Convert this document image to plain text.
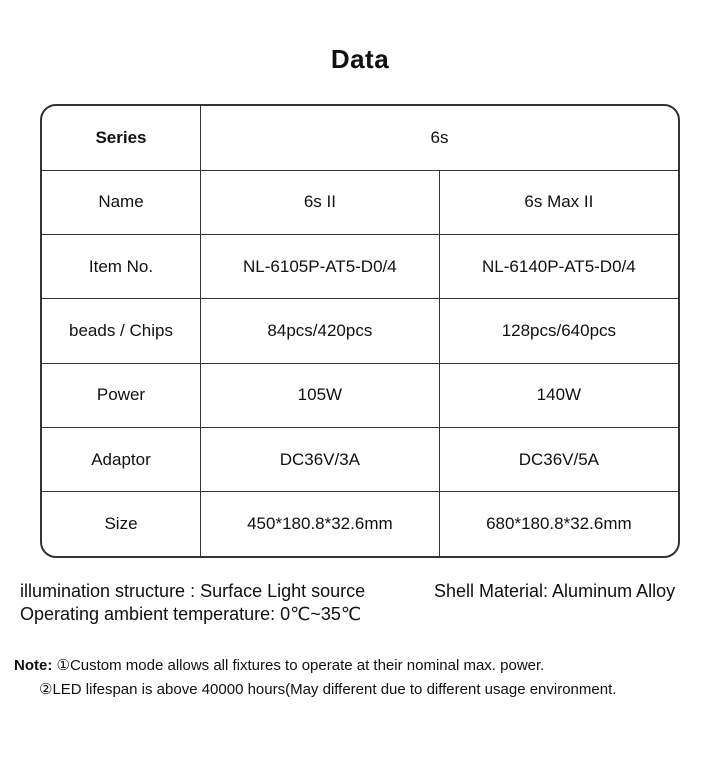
Data
Series	6s	
Name	6s II	6s Max II
Item No.	NL-6105P-AT5-D0/4	NL-6140P-AT5-D0/4
beads / Chips	84pcs/420pcs	128pcs/640pcs
Power	105W	140W
Adaptor	DC36V/3A	DC36V/5A
Size	450*180.8*32.6mm	680*180.8*32.6mm
illumination structure : Surface Light source	Shell Material: Aluminum Alloy
Operating ambient temperature: 0℃~35℃
Note: ①Custom mode allows all fixtures to operate at their nominal max. power.
②LED lifespan is above 40000 hours(May different due to different usage environment.
